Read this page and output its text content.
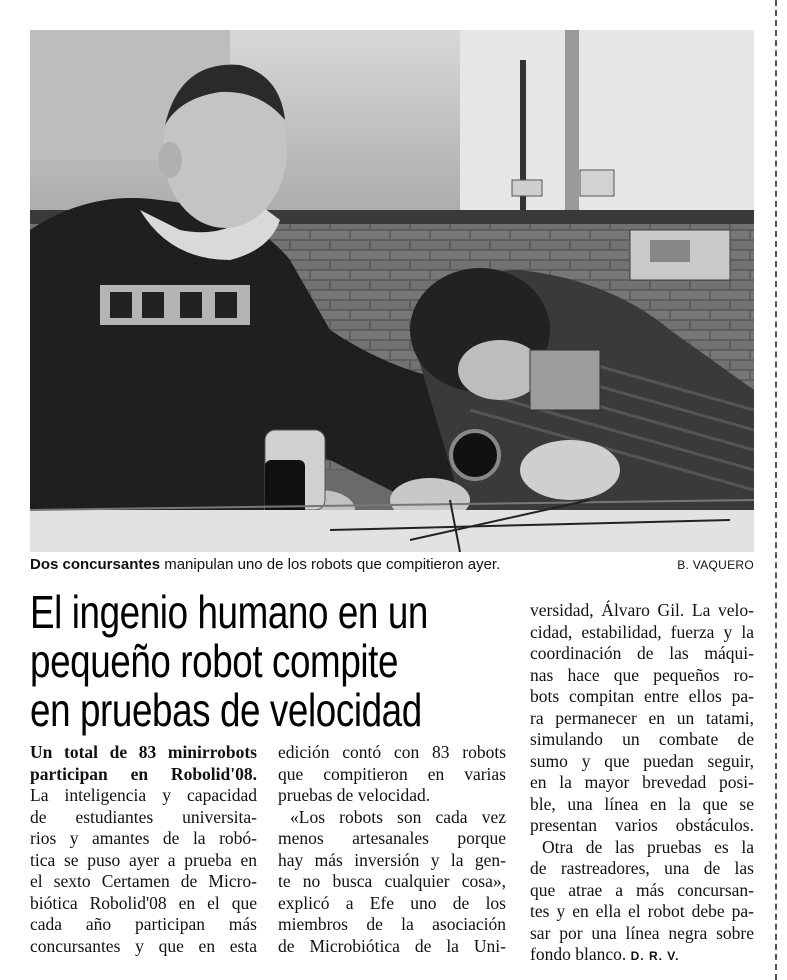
Dos concursantes manipulan uno de los robots que compitieron ayer.	B. VAQUERO
El ingenio humano en un
pequeño robot compite
en pruebas de velocidad
Un total de 83 minirrobots
participan en Robolid'08.
La inteligencia y capacidad
de estudiantes universita-
rios y amantes de la robó-
tica se puso ayer a prueba en
el sexto Certamen de Micro-
biótica Robolid'08 en el que
cada año participan más
concursantes y que en esta
edición contó con 83 robots
que compitieron en varias
pruebas de velocidad.
«Los robots son cada vez
menos artesanales porque
hay más inversión y la gen-
te no busca cualquier cosa»,
explicó a Efe uno de los
miembros de la asociación
de Microbiótica de la Uni-
versidad, Álvaro Gil. La velo-
cidad, estabilidad, fuerza y la
coordinación de las máqui-
nas hace que pequeños ro-
bots compitan entre ellos pa-
ra permanecer en un tatami,
simulando un combate de
sumo y que puedan seguir,
en la mayor brevedad posi-
ble, una línea en la que se
presentan varios obstáculos.
Otra de las pruebas es la
de rastreadores, una de las
que atrae a más concursan-
tes y en ella el robot debe pa-
sar por una línea negra sobre
fondo blanco. D. R. V.
